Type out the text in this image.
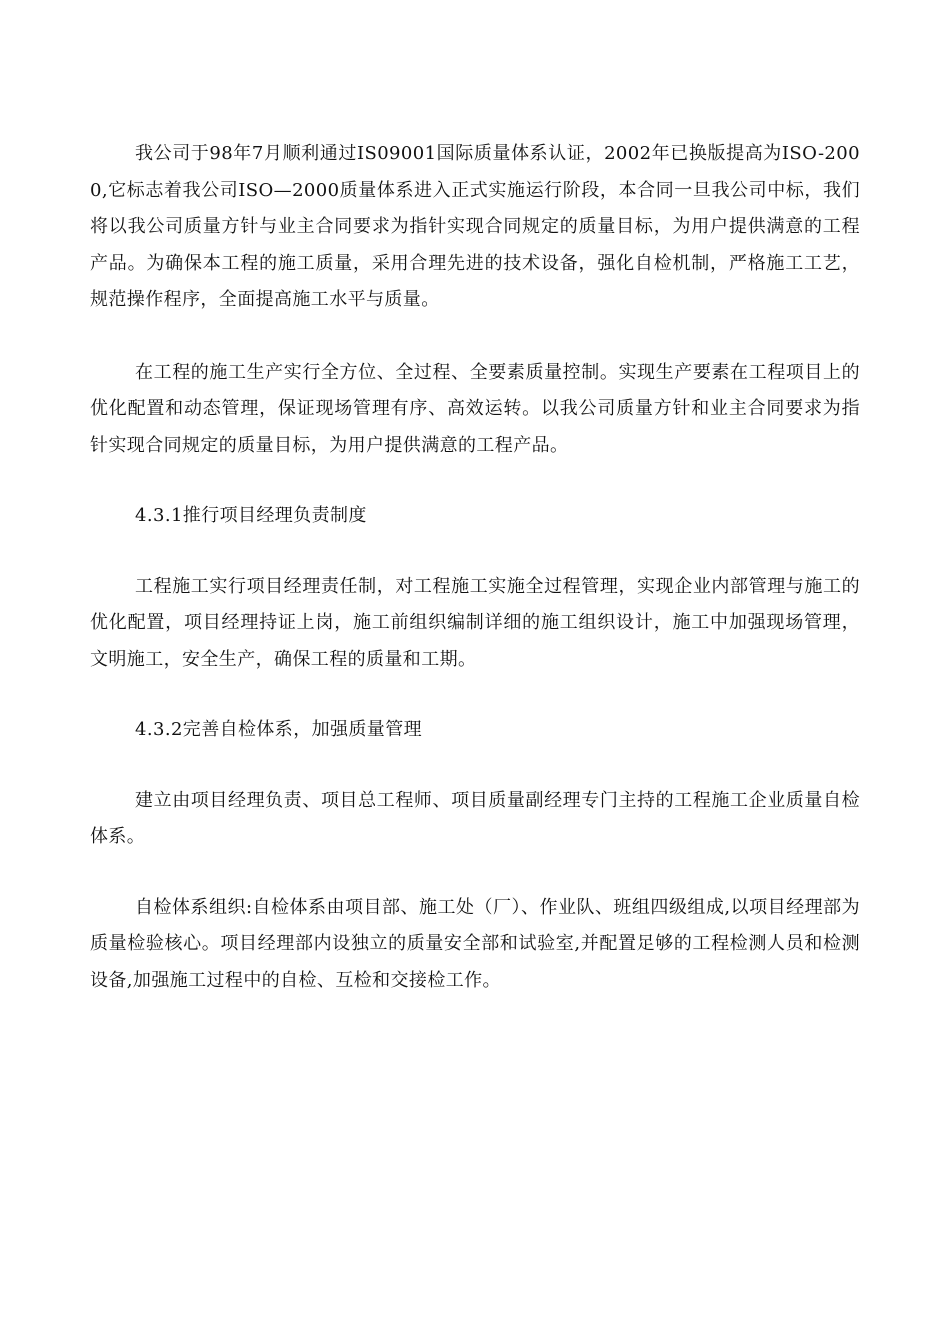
我公司于98年7月顺利通过IS09001国际质量体系认证，2002年已换版提高为ISO-2000,它标志着我公司ISO—2000质量体系进入正式实施运行阶段，本合同一旦我公司中标，我们将以我公司质量方针与业主合同要求为指针实现合同规定的质量目标，为用户提供满意的工程产品。为确保本工程的施工质量，采用合理先进的技术设备，强化自检机制，严格施工工艺，规范操作程序，全面提高施工水平与质量。

在工程的施工生产实行全方位、全过程、全要素质量控制。实现生产要素在工程项目上的优化配置和动态管理，保证现场管理有序、高效运转。以我公司质量方针和业主合同要求为指针实现合同规定的质量目标，为用户提供满意的工程产品。

4.3.1推行项目经理负责制度

工程施工实行项目经理责任制，对工程施工实施全过程管理，实现企业内部管理与施工的优化配置，项目经理持证上岗，施工前组织编制详细的施工组织设计，施工中加强现场管理，文明施工，安全生产，确保工程的质量和工期。

4.3.2完善自检体系，加强质量管理

建立由项目经理负责、项目总工程师、项目质量副经理专门主持的工程施工企业质量自检体系。

自检体系组织:自检体系由项目部、施工处（厂）、作业队、班组四级组成,以项目经理部为质量检验核心。项目经理部内设独立的质量安全部和试验室,并配置足够的工程检测人员和检测设备,加强施工过程中的自检、互检和交接检工作。
